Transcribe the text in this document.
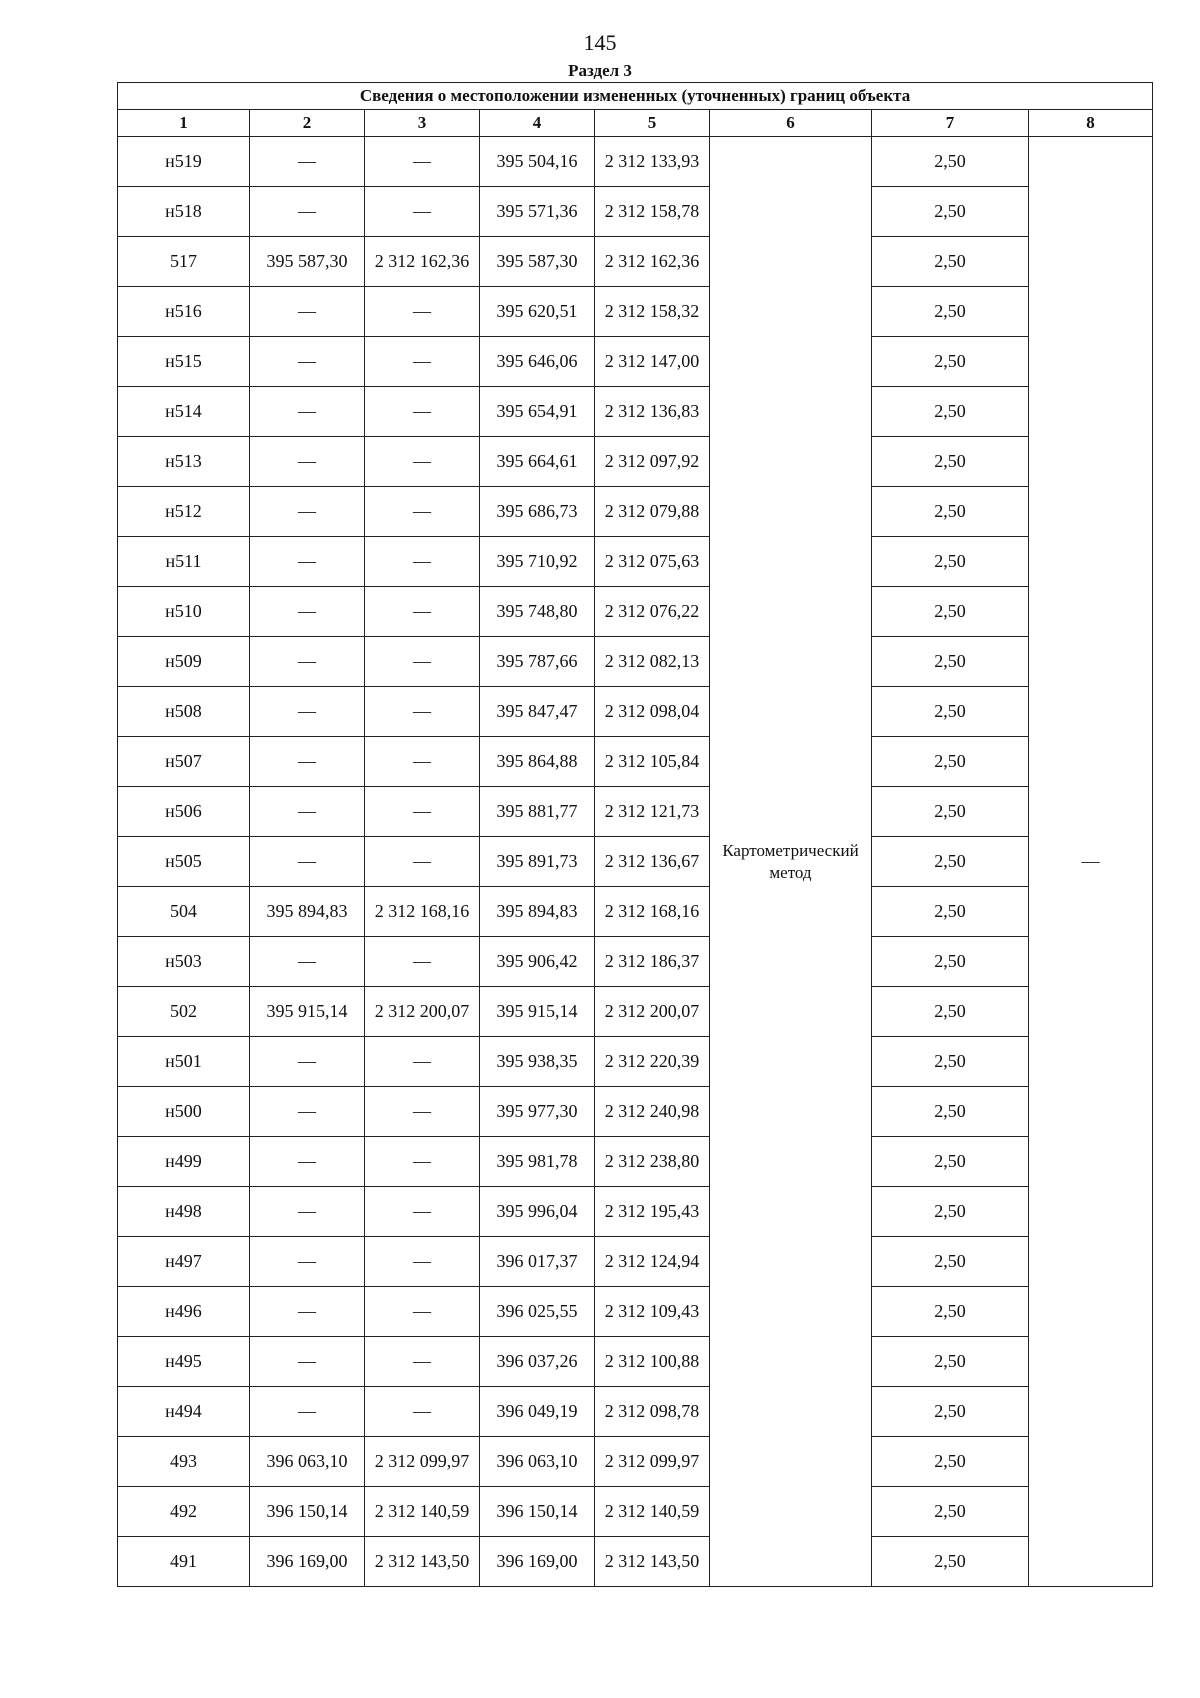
145
Раздел 3
Сведения о местоположении измененных (уточненных) границ объекта							
1	2	3	4	5	6	7	8
н519	—	—	395 504,16	2 312 133,93	Картометрический метод	2,50	—
н518	—	—	395 571,36	2 312 158,78		2,50	
517	395 587,30	2 312 162,36	395 587,30	2 312 162,36		2,50	
н516	—	—	395 620,51	2 312 158,32		2,50	
н515	—	—	395 646,06	2 312 147,00		2,50	
н514	—	—	395 654,91	2 312 136,83		2,50	
н513	—	—	395 664,61	2 312 097,92		2,50	
н512	—	—	395 686,73	2 312 079,88		2,50	
н511	—	—	395 710,92	2 312 075,63		2,50	
н510	—	—	395 748,80	2 312 076,22		2,50	
н509	—	—	395 787,66	2 312 082,13		2,50	
н508	—	—	395 847,47	2 312 098,04		2,50	
н507	—	—	395 864,88	2 312 105,84		2,50	
н506	—	—	395 881,77	2 312 121,73		2,50	
н505	—	—	395 891,73	2 312 136,67		2,50	
504	395 894,83	2 312 168,16	395 894,83	2 312 168,16		2,50	
н503	—	—	395 906,42	2 312 186,37		2,50	
502	395 915,14	2 312 200,07	395 915,14	2 312 200,07		2,50	
н501	—	—	395 938,35	2 312 220,39		2,50	
н500	—	—	395 977,30	2 312 240,98		2,50	
н499	—	—	395 981,78	2 312 238,80		2,50	
н498	—	—	395 996,04	2 312 195,43		2,50	
н497	—	—	396 017,37	2 312 124,94		2,50	
н496	—	—	396 025,55	2 312 109,43		2,50	
н495	—	—	396 037,26	2 312 100,88		2,50	
н494	—	—	396 049,19	2 312 098,78		2,50	
493	396 063,10	2 312 099,97	396 063,10	2 312 099,97		2,50	
492	396 150,14	2 312 140,59	396 150,14	2 312 140,59		2,50	
491	396 169,00	2 312 143,50	396 169,00	2 312 143,50		2,50	
